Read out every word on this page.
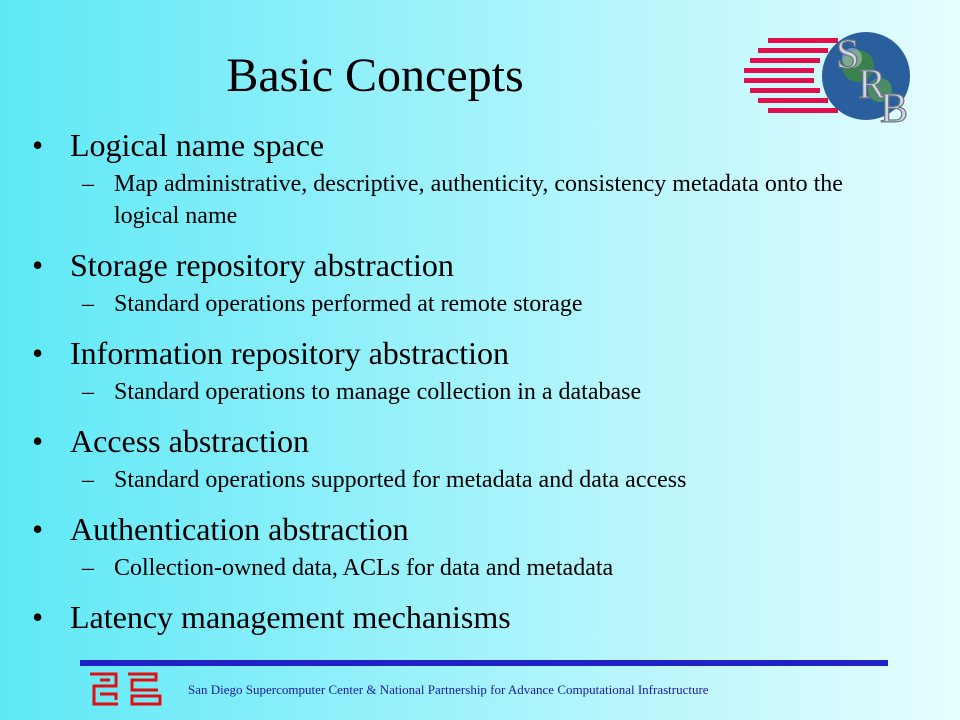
Basic Concepts	S
R
B
• Logical name space
– Map administrative, descriptive, authenticity, consistency metadata onto the logical name
• Storage repository abstraction
– Standard operations performed at remote storage
• Information repository abstraction
– Standard operations to manage collection in a database
• Access abstraction
– Standard operations supported for metadata and data access
• Authentication abstraction
– Collection-owned data, ACLs for data and metadata
• Latency management mechanisms
San Diego Supercomputer Center & National Partnership for Advance Computational Infrastructure
